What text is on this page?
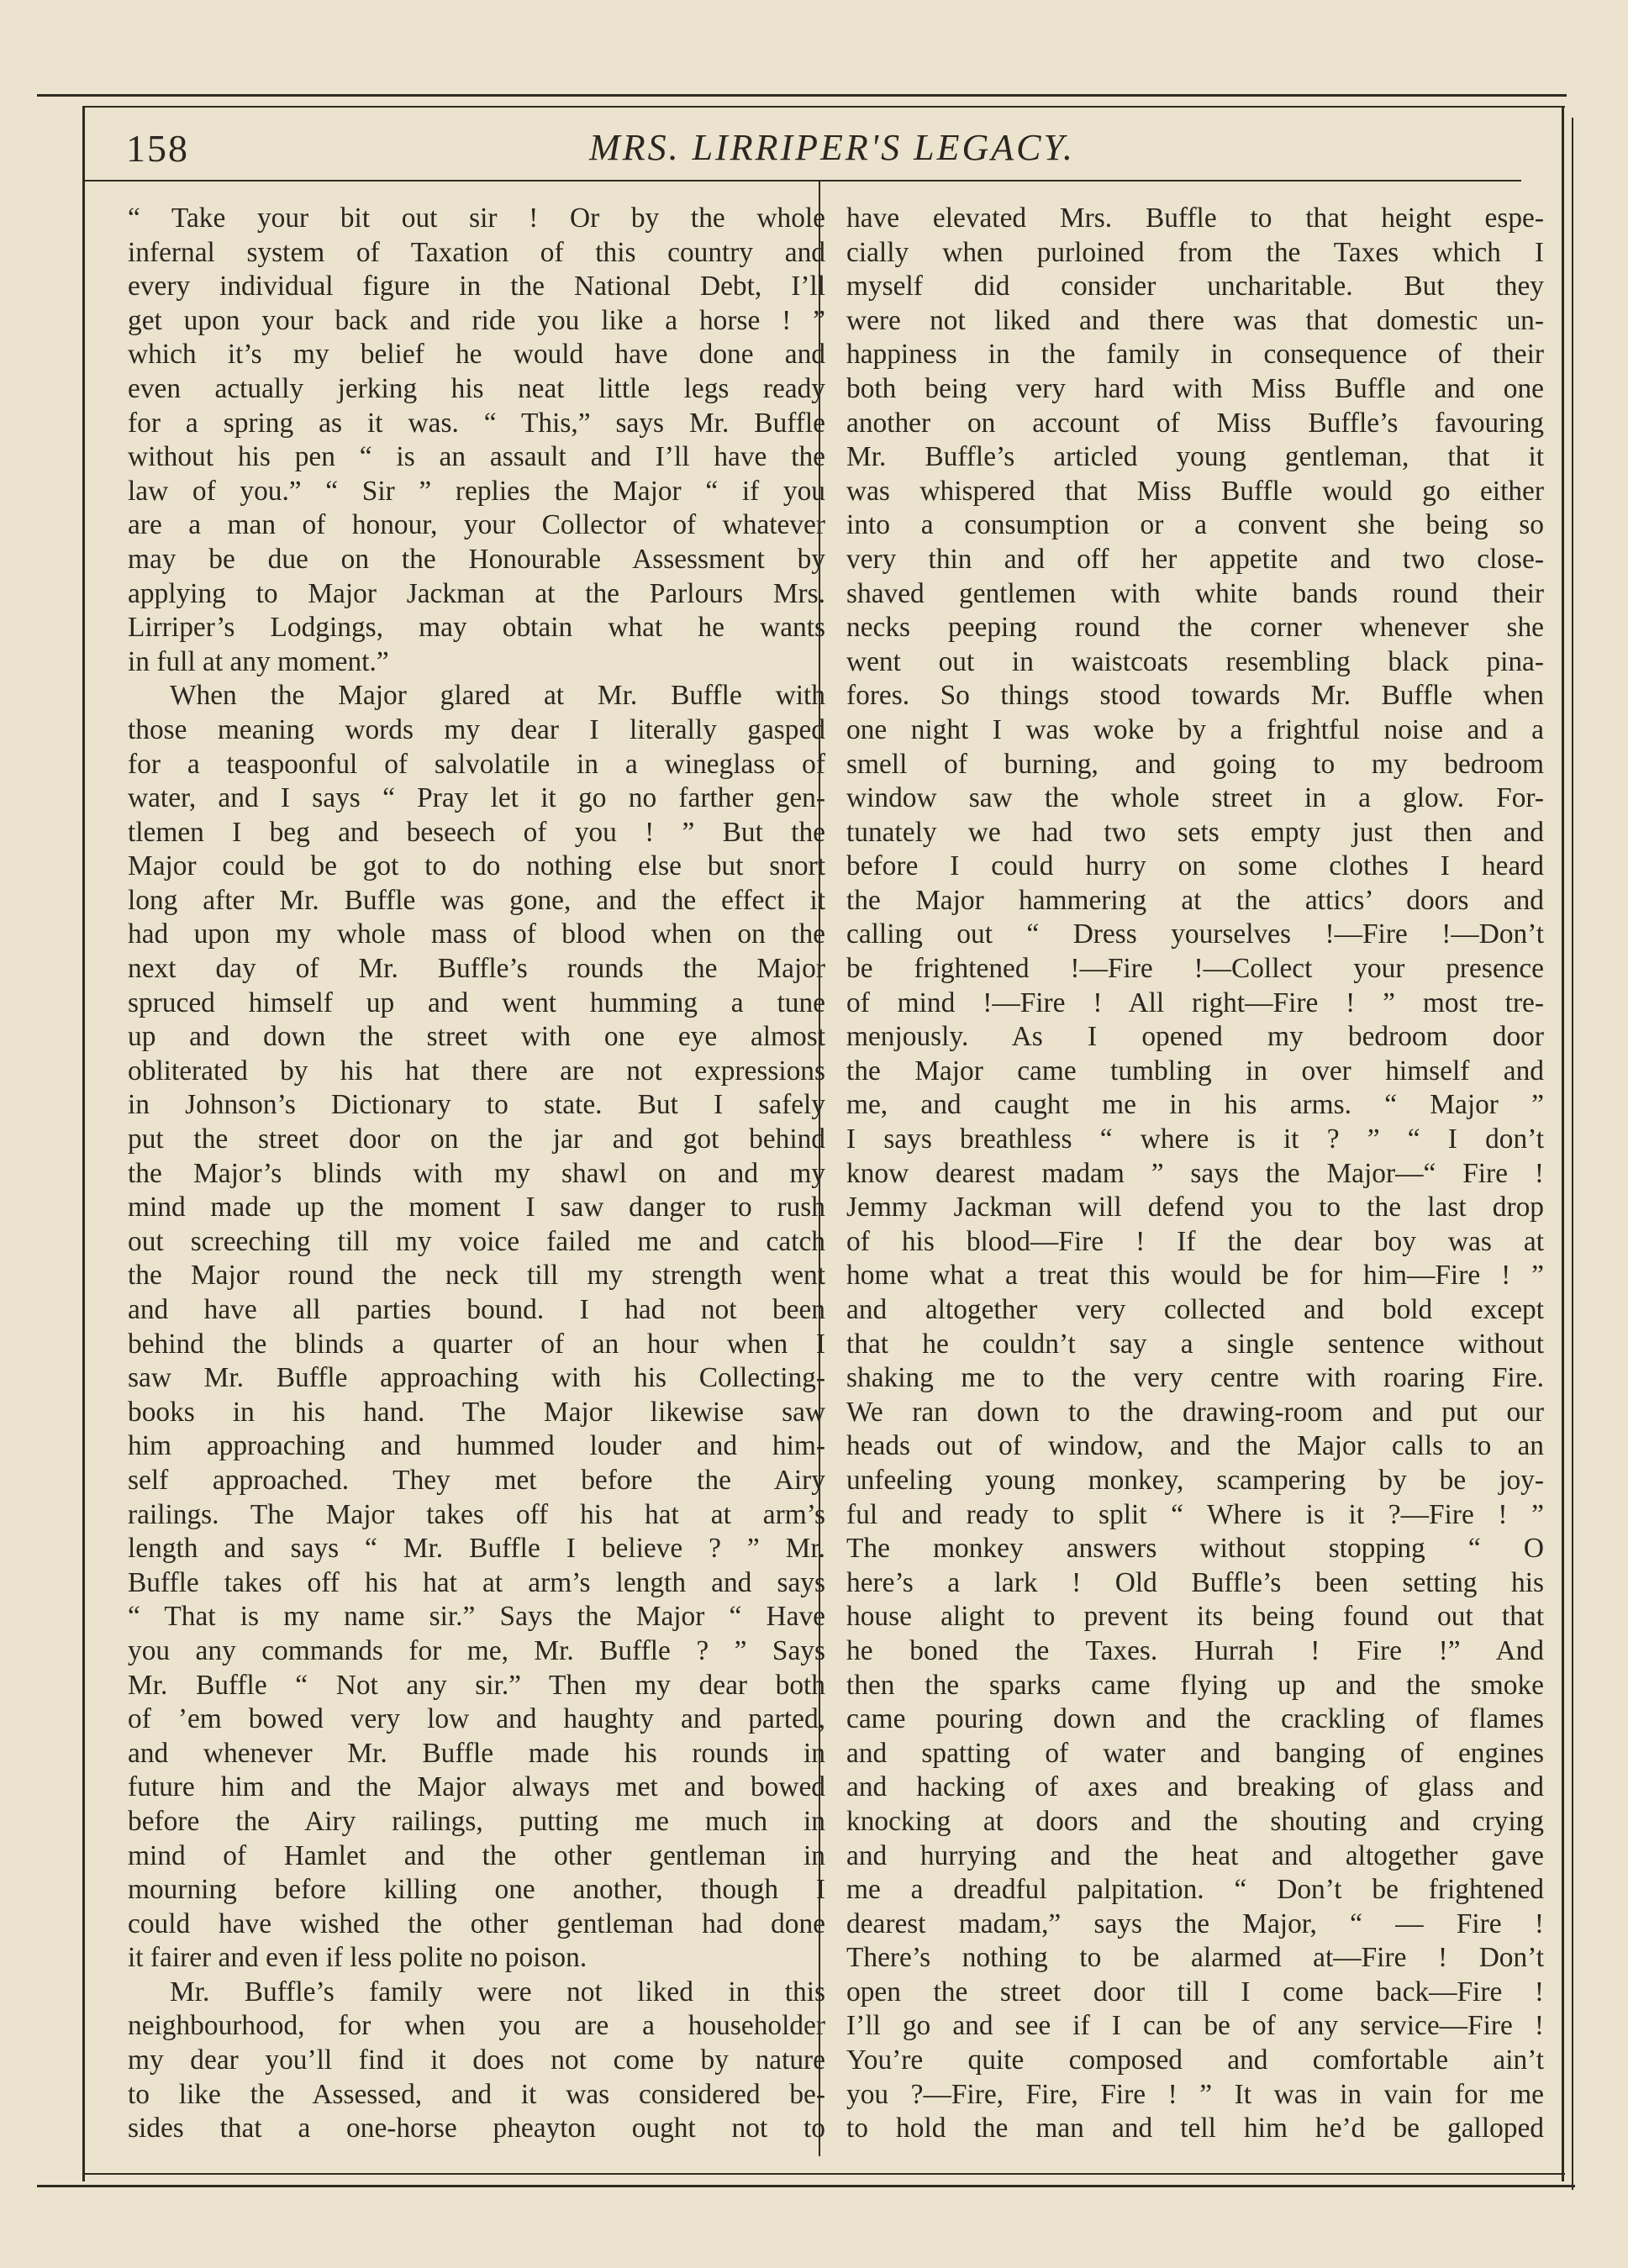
158	MRS. LIRRIPER'S LEGACY.

“ Take your bit out sir ! Or by the whole

infernal system of Taxation of this country and

every individual figure in the National Debt, I’ll

get upon your back and ride you like a horse ! ”

which it’s my belief he would have done and

even actually jerking his neat little legs ready

for a spring as it was. “ This,” says Mr. Buffle

without his pen “ is an assault and I’ll have the

law of you.” “ Sir ” replies the Major “ if you

are a man of honour, your Collector of whatever

may be due on the Honourable Assessment by

applying to Major Jackman at the Parlours Mrs.

Lirriper’s Lodgings, may obtain what he wants

in full at any moment.”

When the Major glared at Mr. Buffle with

those meaning words my dear I literally gasped

for a teaspoonful of salvolatile in a wineglass of

water, and I says “ Pray let it go no farther gen-

tlemen I beg and beseech of you ! ” But the

Major could be got to do nothing else but snort

long after Mr. Buffle was gone, and the effect it

had upon my whole mass of blood when on the

next day of Mr. Buffle’s rounds the Major

spruced himself up and went humming a tune

up and down the street with one eye almost

obliterated by his hat there are not expressions

in Johnson’s Dictionary to state. But I safely

put the street door on the jar and got behind

the Major’s blinds with my shawl on and my

mind made up the moment I saw danger to rush

out screeching till my voice failed me and catch

the Major round the neck till my strength went

and have all parties bound. I had not been

behind the blinds a quarter of an hour when I

saw Mr. Buffle approaching with his Collecting-

books in his hand. The Major likewise saw

him approaching and hummed louder and him-

self approached. They met before the Airy

railings. The Major takes off his hat at arm’s

length and says “ Mr. Buffle I believe ? ” Mr.

Buffle takes off his hat at arm’s length and says

“ That is my name sir.” Says the Major “ Have

you any commands for me, Mr. Buffle ? ” Says

Mr. Buffle “ Not any sir.” Then my dear both

of ’em bowed very low and haughty and parted,

and whenever Mr. Buffle made his rounds in

future him and the Major always met and bowed

before the Airy railings, putting me much in

mind of Hamlet and the other gentleman in

mourning before killing one another, though I

could have wished the other gentleman had done

it fairer and even if less polite no poison.

Mr. Buffle’s family were not liked in this

neighbourhood, for when you are a householder

my dear you’ll find it does not come by nature

to like the Assessed, and it was considered be-

sides that a one-horse pheayton ought not to

have elevated Mrs. Buffle to that height espe-

cially when purloined from the Taxes which I

myself did consider uncharitable. But they

were not liked and there was that domestic un-

happiness in the family in consequence of their

both being very hard with Miss Buffle and one

another on account of Miss Buffle’s favouring

Mr. Buffle’s articled young gentleman, that it

was whispered that Miss Buffle would go either

into a consumption or a convent she being so

very thin and off her appetite and two close-

shaved gentlemen with white bands round their

necks peeping round the corner whenever she

went out in waistcoats resembling black pina-

fores. So things stood towards Mr. Buffle when

one night I was woke by a frightful noise and a

smell of burning, and going to my bedroom

window saw the whole street in a glow. For-

tunately we had two sets empty just then and

before I could hurry on some clothes I heard

the Major hammering at the attics’ doors and

calling out “ Dress yourselves !—Fire !—Don’t

be frightened !—Fire !—Collect your presence

of mind !—Fire ! All right—Fire ! ” most tre-

menjously. As I opened my bedroom door

the Major came tumbling in over himself and

me, and caught me in his arms. “ Major ”

I says breathless “ where is it ? ” “ I don’t

know dearest madam ” says the Major—“ Fire !

Jemmy Jackman will defend you to the last drop

of his blood—Fire ! If the dear boy was at

home what a treat this would be for him—Fire ! ”

and altogether very collected and bold except

that he couldn’t say a single sentence without

shaking me to the very centre with roaring Fire.

We ran down to the drawing-room and put our

heads out of window, and the Major calls to an

unfeeling young monkey, scampering by be joy-

ful and ready to split “ Where is it ?—Fire ! ”

The monkey answers without stopping “ O

here’s a lark ! Old Buffle’s been setting his

house alight to prevent its being found out that

he boned the Taxes. Hurrah ! Fire !” And

then the sparks came flying up and the smoke

came pouring down and the crackling of flames

and spatting of water and banging of engines

and hacking of axes and breaking of glass and

knocking at doors and the shouting and crying

and hurrying and the heat and altogether gave

me a dreadful palpitation. “ Don’t be frightened

dearest madam,” says the Major, “ — Fire !

There’s nothing to be alarmed at—Fire ! Don’t

open the street door till I come back—Fire !

I’ll go and see if I can be of any service—Fire !

You’re quite composed and comfortable ain’t

you ?—Fire, Fire, Fire ! ” It was in vain for me

to hold the man and tell him he’d be galloped
